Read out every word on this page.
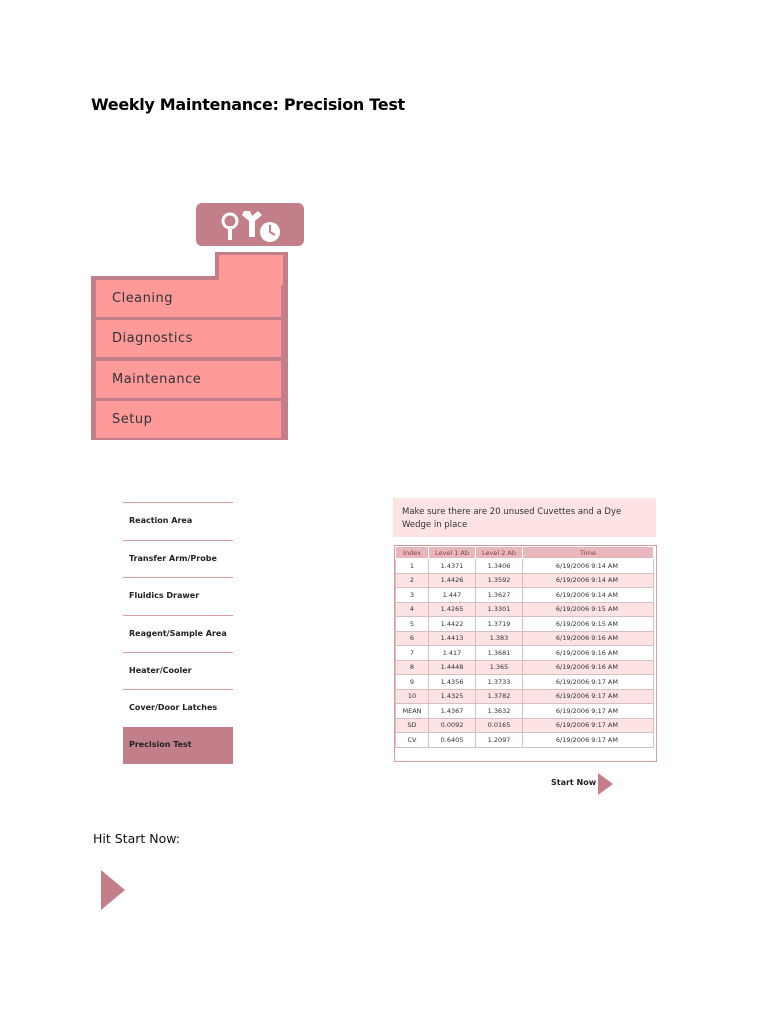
Weekly Maintenance: Precision Test
Cleaning
Diagnostics
Maintenance
Setup
Reaction Area
Transfer Arm/Probe
Fluidics Drawer
Reagent/Sample Area
Heater/Cooler
Cover/Door Latches
Precision Test
Make sure there are 20 unused Cuvettes and a Dye Wedge in place
Index	Level 1 Ab	Level 2 Ab	Time
1	1.4371	1.3406	6/19/2006 9:14 AM
2	1.4426	1.3592	6/19/2006 9:14 AM
3	1.447	1.3627	6/19/2006 9:14 AM
4	1.4265	1.3301	6/19/2006 9:15 AM
5	1.4422	1.3719	6/19/2006 9:15 AM
6	1.4413	1.383	6/19/2006 9:16 AM
7	1.417	1.3681	6/19/2006 9:16 AM
8	1.4448	1.365	6/19/2006 9:16 AM
9	1.4356	1.3733	6/19/2006 9:17 AM
10	1.4325	1.3782	6/19/2006 9:17 AM
MEAN	1.4367	1.3632	6/19/2006 9:17 AM
SD	0.0092	0.0165	6/19/2006 9:17 AM
CV	0.6405	1.2097	6/19/2006 9:17 AM
Start Now
Hit Start Now:
